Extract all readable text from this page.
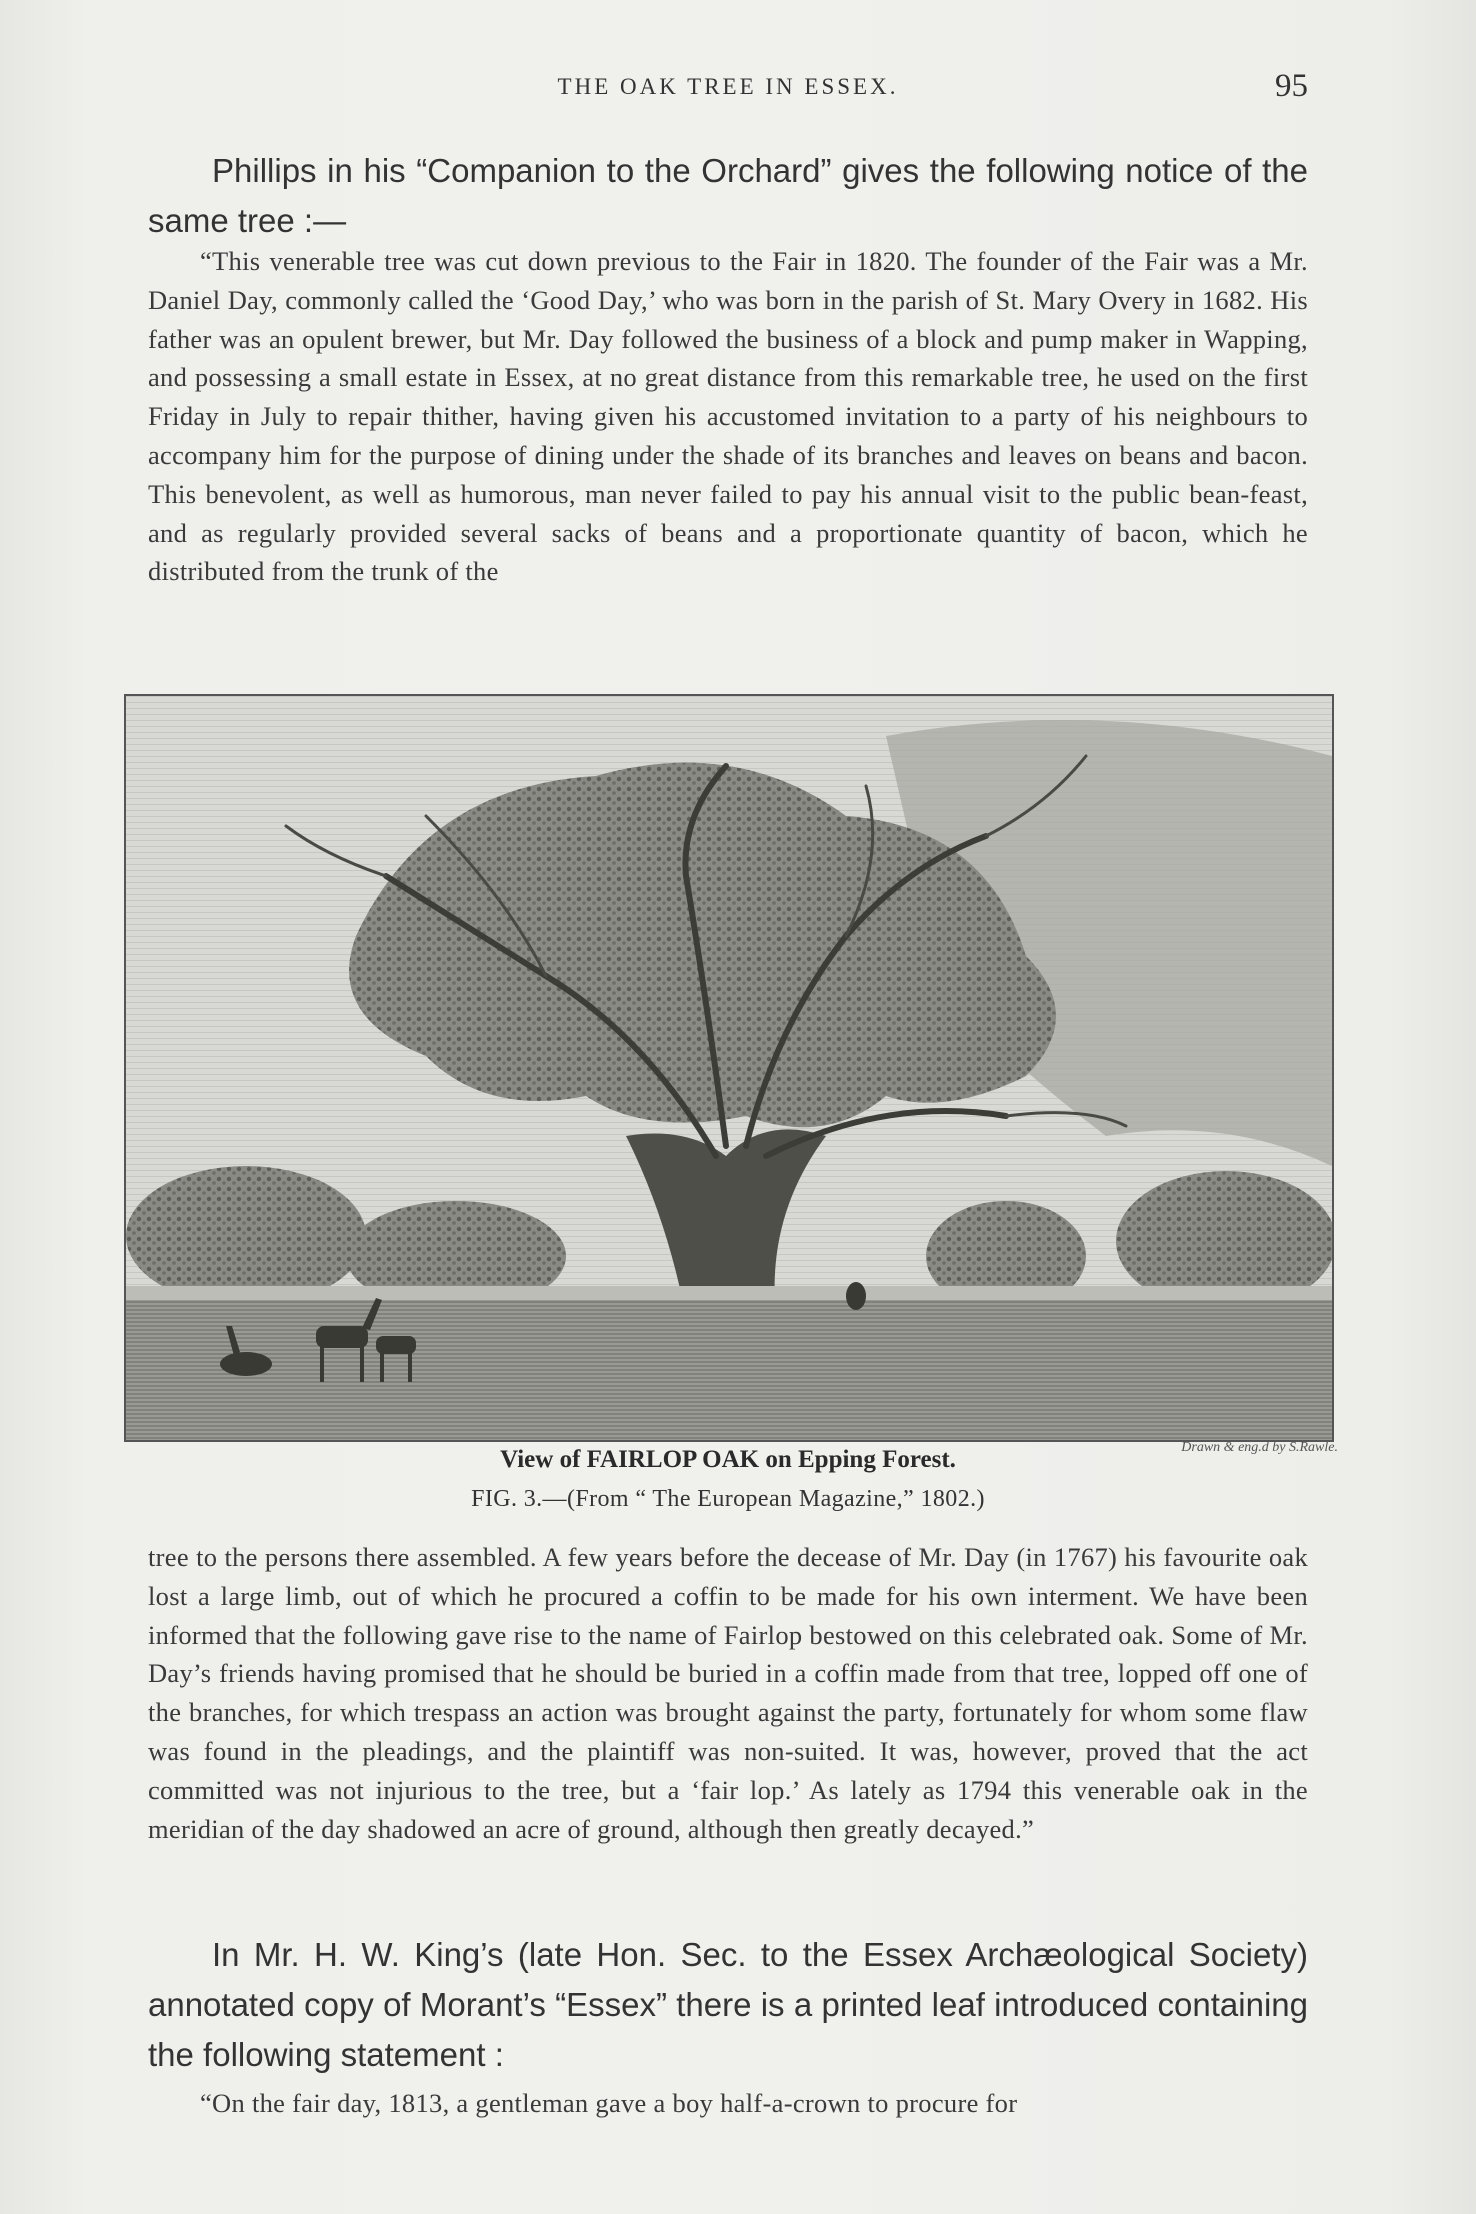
THE OAK TREE IN ESSEX.	95

Phillips in his “Companion to the Orchard” gives the following notice of the same tree :—

“This venerable tree was cut down previous to the Fair in 1820. The founder of the Fair was a Mr. Daniel Day, commonly called the ‘Good Day,’ who was born in the parish of St. Mary Overy in 1682. His father was an opulent brewer, but Mr. Day followed the business of a block and pump maker in Wapping, and possessing a small estate in Essex, at no great distance from this remarkable tree, he used on the first Friday in July to repair thither, having given his accustomed invitation to a party of his neighbours to accompany him for the purpose of dining under the shade of its branches and leaves on beans and bacon. This benevolent, as well as humorous, man never failed to pay his annual visit to the public bean-feast, and as regularly provided several sacks of beans and a proportionate quantity of bacon, which he distributed from the trunk of the

View of FAIRLOP OAK on Epping Forest.	Drawn & eng.d by S.Rawle.
FIG. 3.—(From “ The European Magazine,” 1802.)

tree to the persons there assembled. A few years before the decease of Mr. Day (in 1767) his favourite oak lost a large limb, out of which he procured a coffin to be made for his own interment. We have been informed that the following gave rise to the name of Fairlop bestowed on this celebrated oak. Some of Mr. Day’s friends having promised that he should be buried in a coffin made from that tree, lopped off one of the branches, for which trespass an action was brought against the party, fortunately for whom some flaw was found in the pleadings, and the plaintiff was non-suited. It was, however, proved that the act committed was not injurious to the tree, but a ‘fair lop.’ As lately as 1794 this venerable oak in the meridian of the day shadowed an acre of ground, although then greatly decayed.”

In Mr. H. W. King’s (late Hon. Sec. to the Essex Archæological Society) annotated copy of Morant’s “Essex” there is a printed leaf introduced containing the following statement :

“On the fair day, 1813, a gentleman gave a boy half-a-crown to procure for
